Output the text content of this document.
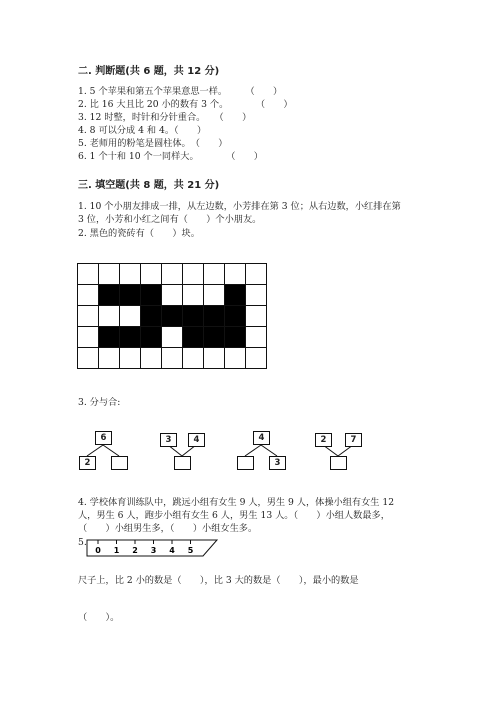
二. 判断题(共 6 题，共 12 分)
1. 5 个苹果和第五个苹果意思一样。　　　（　　）
2. 比 16 大且比 20 小的数有 3 个。　　　　（　　）
3. 12 时整，时针和分针重合。　　（　　）
4. 8 可以分成 4 和 4。（　　）
5. 老师用的粉笔是圆柱体。　（　　）
6. 1 个十和 10 个一同样大。　　　　（　　）
三. 填空题(共 8 题，共 21 分)
1. 10 个小朋友排成一排，从左边数，小芳排在第 3 位；从右边数，小红排在第
3 位，小芳和小红之间有（　　）个小朋友。
2. 黑色的瓷砖有（　　）块。
3. 分与合:
6
2
3	4	4
3
2	7
4. 学校体育训练队中，跳远小组有女生 9 人，男生 9 人，体操小组有女生 12
人，男生 6 人，跑步小组有女生 6 人，男生 13 人。（　　）小组人数最多，
（　　）小组男生多，（　　）小组女生多。
5.
0 1 2 3 4 5
尺子上，比 2 小的数是（　　），比 3 大的数是（　　），最小的数是
（　　）。
